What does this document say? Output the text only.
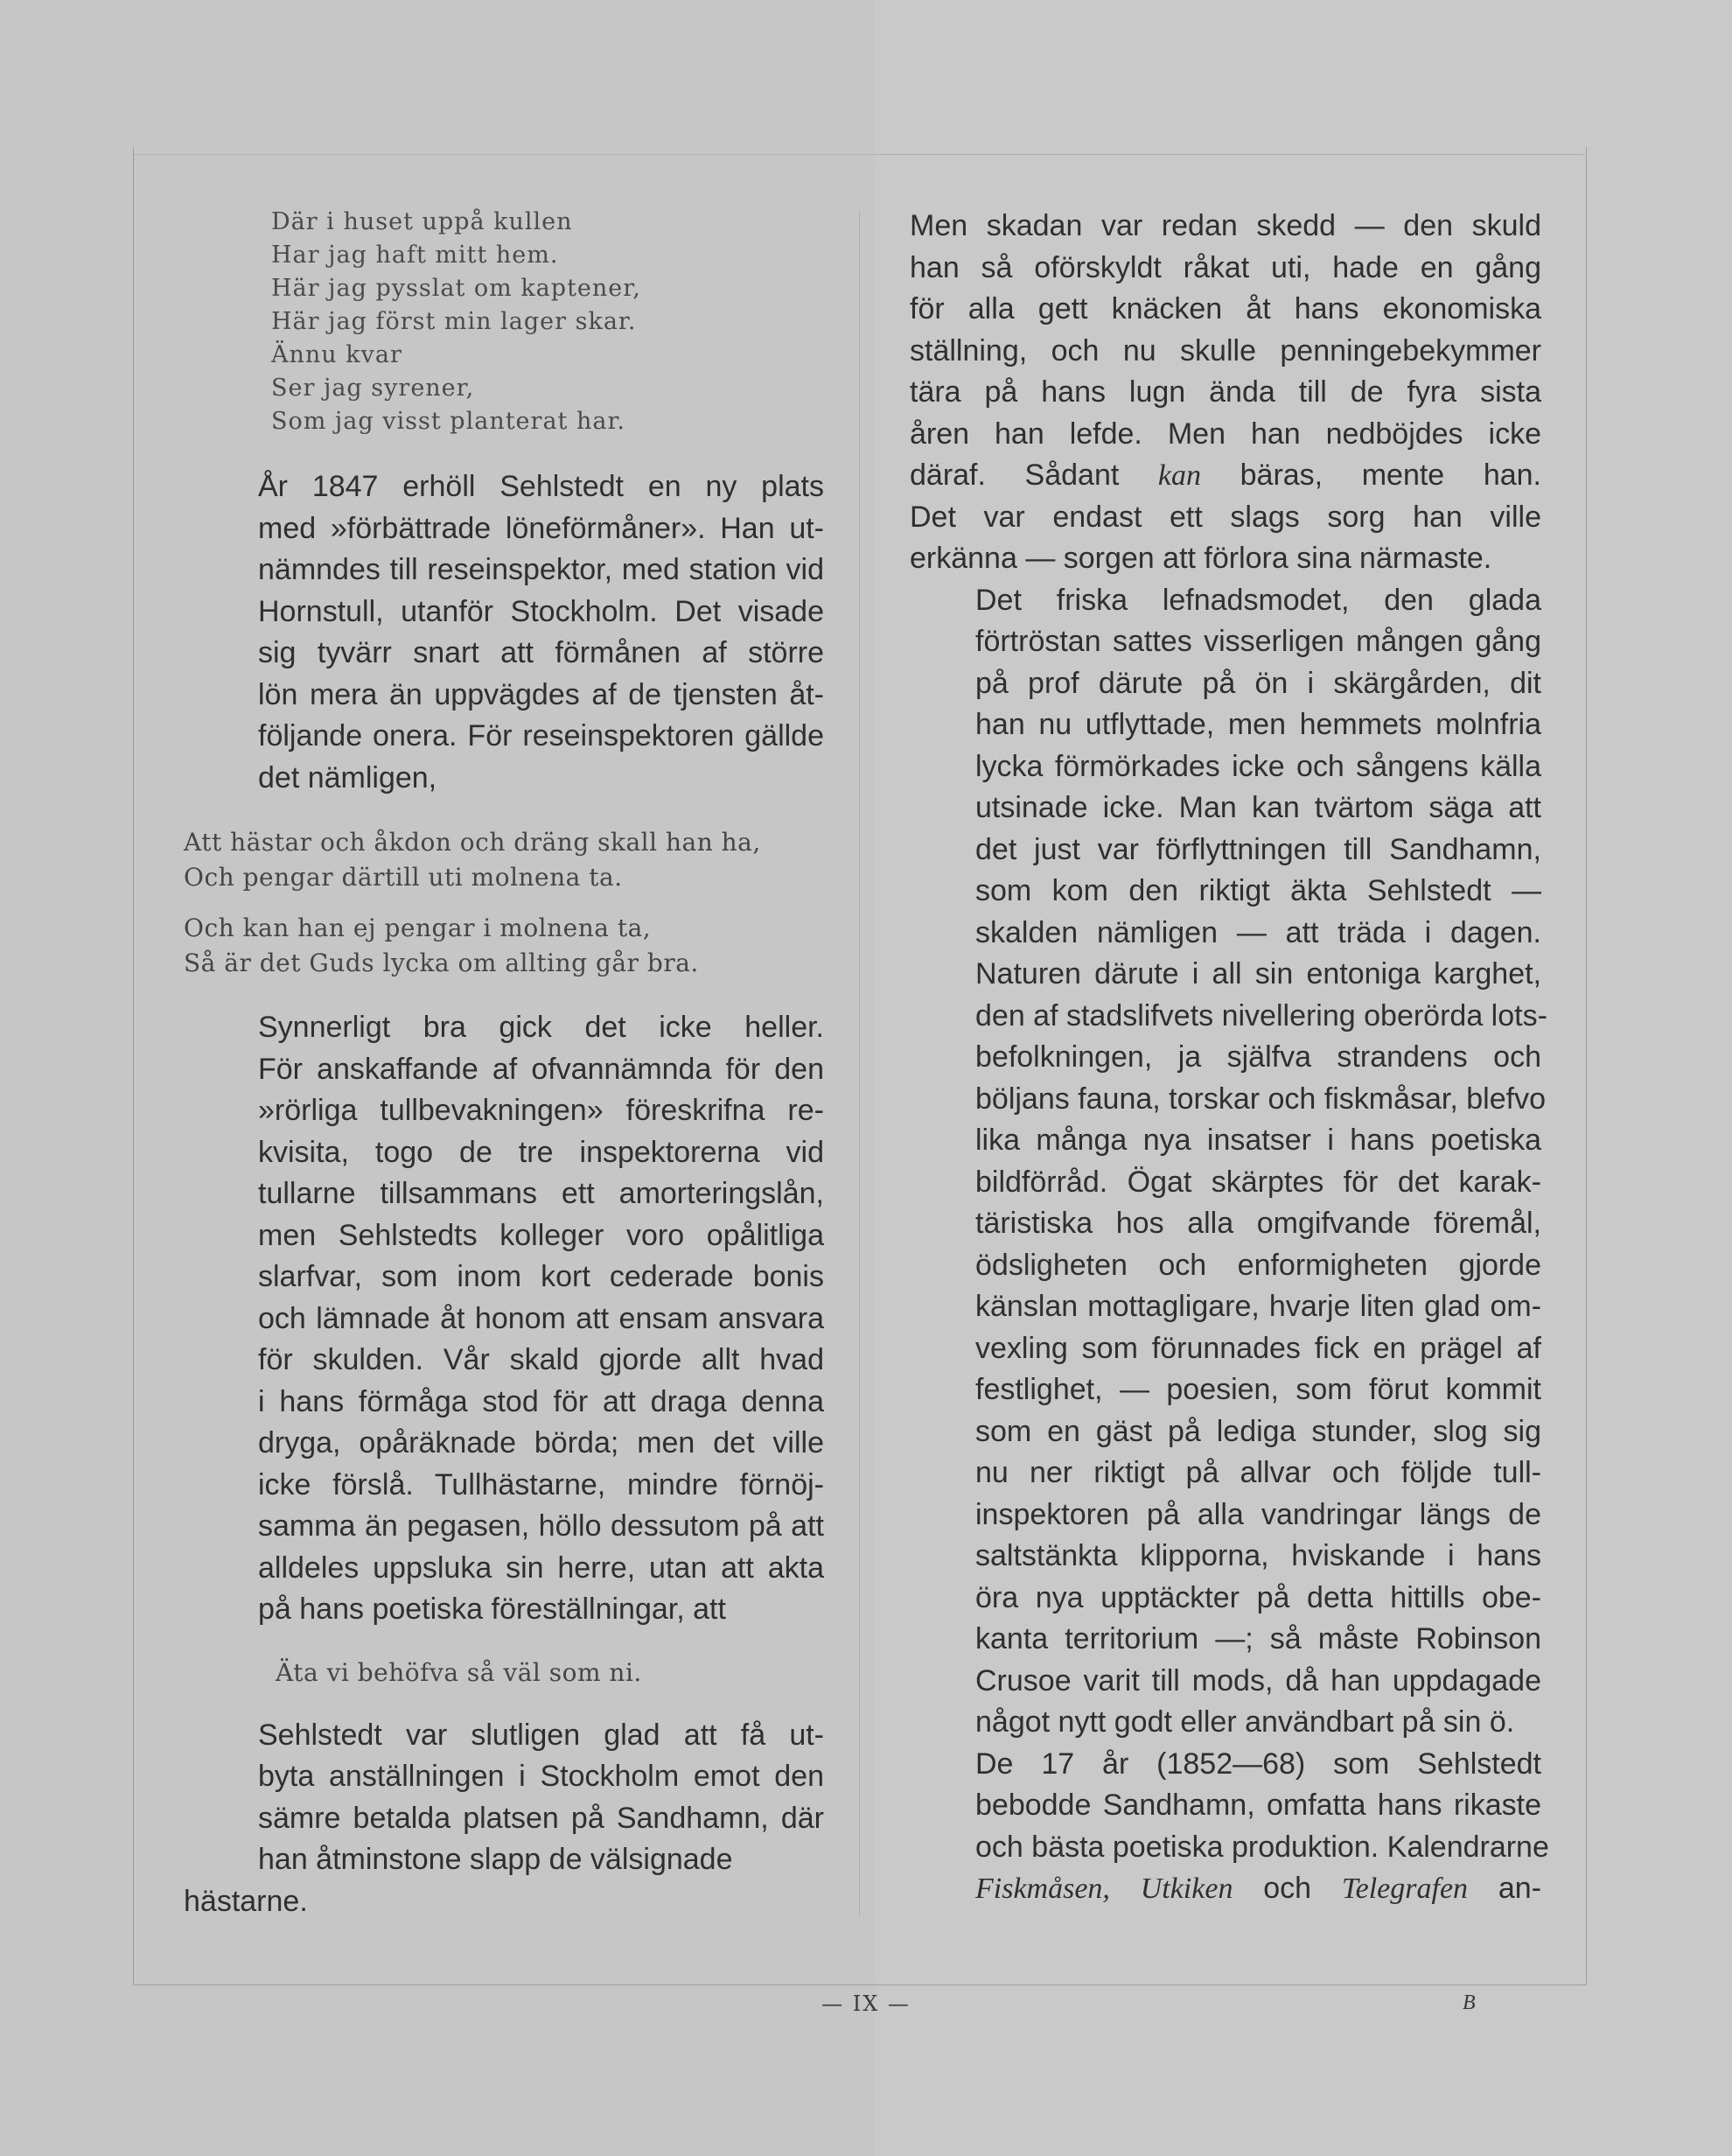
Där i huset uppå kullen
Har jag haft mitt hem.
Här jag pysslat om kaptener,
Här jag först min lager skar.
Ännu kvar
Ser jag syrener,
Som jag visst planterat har.
År 1847 erhöll Sehlstedt en ny plats
med »förbättrade löneförmåner». Han ut-
nämndes till reseinspektor, med station vid
Hornstull, utanför Stockholm. Det visade
sig tyvärr snart att förmånen af större
lön mera än uppvägdes af de tjensten åt-
följande onera. För reseinspektoren gällde
det nämligen,
Att hästar och åkdon och dräng skall han ha,
Och pengar därtill uti molnena ta.
Och kan han ej pengar i molnena ta,
Så är det Guds lycka om allting går bra.
Synnerligt bra gick det icke heller.
För anskaffande af ofvannämnda för den
»rörliga tullbevakningen» föreskrifna re-
kvisita, togo de tre inspektorerna vid
tullarne tillsammans ett amorteringslån,
men Sehlstedts kolleger voro opålitliga
slarfvar, som inom kort cederade bonis
och lämnade åt honom att ensam ansvara
för skulden. Vår skald gjorde allt hvad
i hans förmåga stod för att draga denna
dryga, opåräknade börda; men det ville
icke förslå. Tullhästarne, mindre förnöj-
samma än pegasen, höllo dessutom på att
alldeles uppsluka sin herre, utan att akta
på hans poetiska föreställningar, att
Äta vi behöfva så väl som ni.
Sehlstedt var slutligen glad att få ut-
byta anställningen i Stockholm emot den
sämre betalda platsen på Sandhamn, där
han åtminstone slapp de välsignade hästarne.
Men skadan var redan skedd — den skuld
han så oförskyldt råkat uti, hade en gång
för alla gett knäcken åt hans ekonomiska
ställning, och nu skulle penningebekymmer
tära på hans lugn ända till de fyra sista
åren han lefde. Men han nedböjdes icke
däraf. Sådant kan bäras, mente han.
Det var endast ett slags sorg han ville
erkänna — sorgen att förlora sina närmaste.
Det friska lefnadsmodet, den glada
förtröstan sattes visserligen mången gång
på prof därute på ön i skärgården, dit
han nu utflyttade, men hemmets molnfria
lycka förmörkades icke och sångens källa
utsinade icke. Man kan tvärtom säga att
det just var förflyttningen till Sandhamn,
som kom den riktigt äkta Sehlstedt —
skalden nämligen — att träda i dagen.
Naturen därute i all sin entoniga karghet,
den af stadslifvets nivellering oberörda lots-
befolkningen, ja själfva strandens och
böljans fauna, torskar och fiskmåsar, blefvo
lika många nya insatser i hans poetiska
bildförråd. Ögat skärptes för det karak-
täristiska hos alla omgifvande föremål,
ödsligheten och enformigheten gjorde
känslan mottagligare, hvarje liten glad om-
vexling som förunnades fick en prägel af
festlighet, — poesien, som förut kommit
som en gäst på lediga stunder, slog sig
nu ner riktigt på allvar och följde tull-
inspektoren på alla vandringar längs de
saltstänkta klipporna, hviskande i hans
öra nya upptäckter på detta hittills obe-
kanta territorium —; så måste Robinson
Crusoe varit till mods, då han uppdagade
något nytt godt eller användbart på sin ö.
De 17 år (1852—68) som Sehlstedt
bebodde Sandhamn, omfatta hans rikaste
och bästa poetiska produktion. Kalendrarne
Fiskmåsen, Utkiken och Telegrafen an-
— IX —	B
